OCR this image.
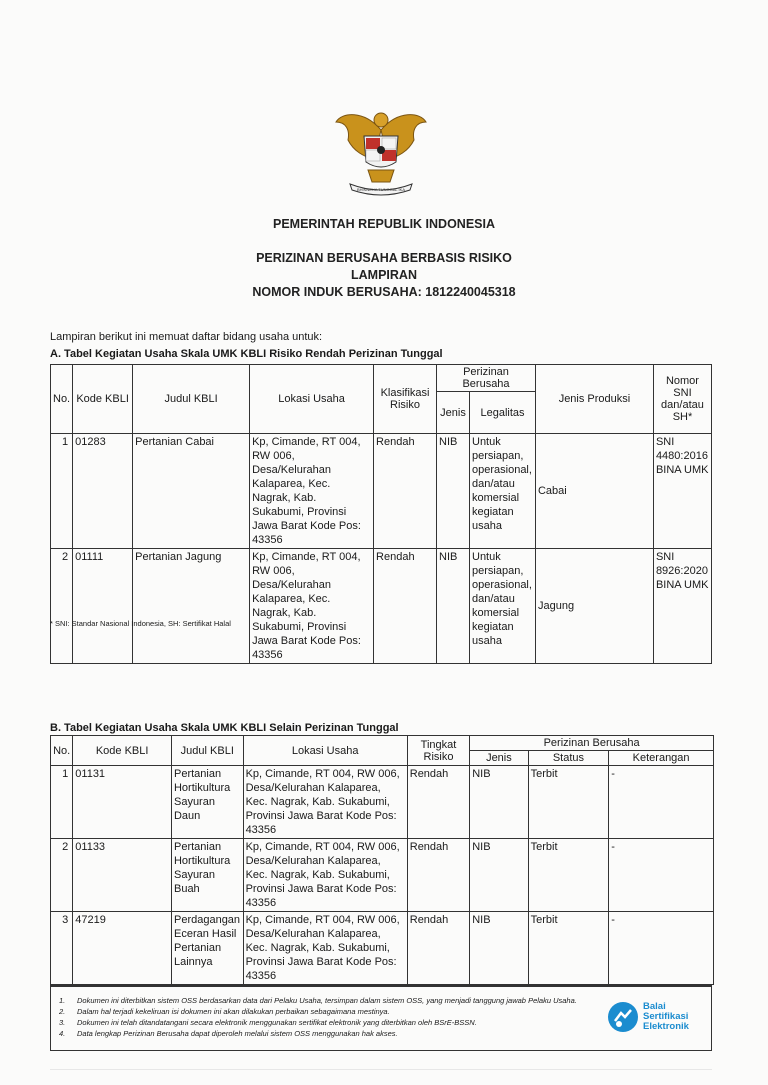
BHINNEKA TUNGGAL IKA
PEMERINTAH REPUBLIK INDONESIA
PERIZINAN BERUSAHA BERBASIS RISIKO
LAMPIRAN
NOMOR INDUK BERUSAHA: 1812240045318
Lampiran berikut ini memuat daftar bidang usaha untuk:
A. Tabel Kegiatan Usaha Skala UMK KBLI Risiko Rendah Perizinan Tunggal
No.	Kode KBLI	Judul KBLI	Lokasi Usaha	Klasifikasi Risiko	Perizinan Berusaha		Jenis Produksi	Nomor SNI dan/atau SH*
					Jenis	Legalitas		
1	01283	Pertanian Cabai	Kp, Cimande, RT 004, RW 006, Desa/Kelurahan Kalaparea, Kec. Nagrak, Kab. Sukabumi, Provinsi Jawa Barat Kode Pos: 43356	Rendah	NIB	Untuk persiapan, operasional, dan/atau komersial kegiatan usaha	Cabai	SNI 4480:2016 BINA UMK
2	01111	Pertanian Jagung	Kp, Cimande, RT 004, RW 006, Desa/Kelurahan Kalaparea, Kec. Nagrak, Kab. Sukabumi, Provinsi Jawa Barat Kode Pos: 43356	Rendah	NIB	Untuk persiapan, operasional, dan/atau komersial kegiatan usaha	Jagung	SNI 8926:2020 BINA UMK
* SNI: Standar Nasional Indonesia, SH: Sertifikat Halal
B. Tabel Kegiatan Usaha Skala UMK KBLI Selain Perizinan Tunggal
No.	Kode KBLI	Judul KBLI	Lokasi Usaha	Tingkat Risiko	Perizinan Berusaha		
					Jenis	Status	Keterangan
1	01131	Pertanian Hortikultura Sayuran Daun	Kp, Cimande, RT 004, RW 006, Desa/Kelurahan Kalaparea, Kec. Nagrak, Kab. Sukabumi, Provinsi Jawa Barat Kode Pos: 43356	Rendah	NIB	Terbit	-
2	01133	Pertanian Hortikultura Sayuran Buah	Kp, Cimande, RT 004, RW 006, Desa/Kelurahan Kalaparea, Kec. Nagrak, Kab. Sukabumi, Provinsi Jawa Barat Kode Pos: 43356	Rendah	NIB	Terbit	-
3	47219	Perdagangan Eceran Hasil Pertanian Lainnya	Kp, Cimande, RT 004, RW 006, Desa/Kelurahan Kalaparea, Kec. Nagrak, Kab. Sukabumi, Provinsi Jawa Barat Kode Pos: 43356	Rendah	NIB	Terbit	-
1.	Dokumen ini diterbitkan sistem OSS berdasarkan data dari Pelaku Usaha, tersimpan dalam sistem OSS, yang menjadi tanggung jawab Pelaku Usaha.
2.	Dalam hal terjadi kekeliruan isi dokumen ini akan dilakukan perbaikan sebagaimana mestinya.
3.	Dokumen ini telah ditandatangani secara elektronik menggunakan sertifikat elektronik yang diterbitkan oleh BSrE-BSSN.
4.	Data lengkap Perizinan Berusaha dapat diperoleh melalui sistem OSS menggunakan hak akses.
Balai
Sertifikasi
Elektronik
